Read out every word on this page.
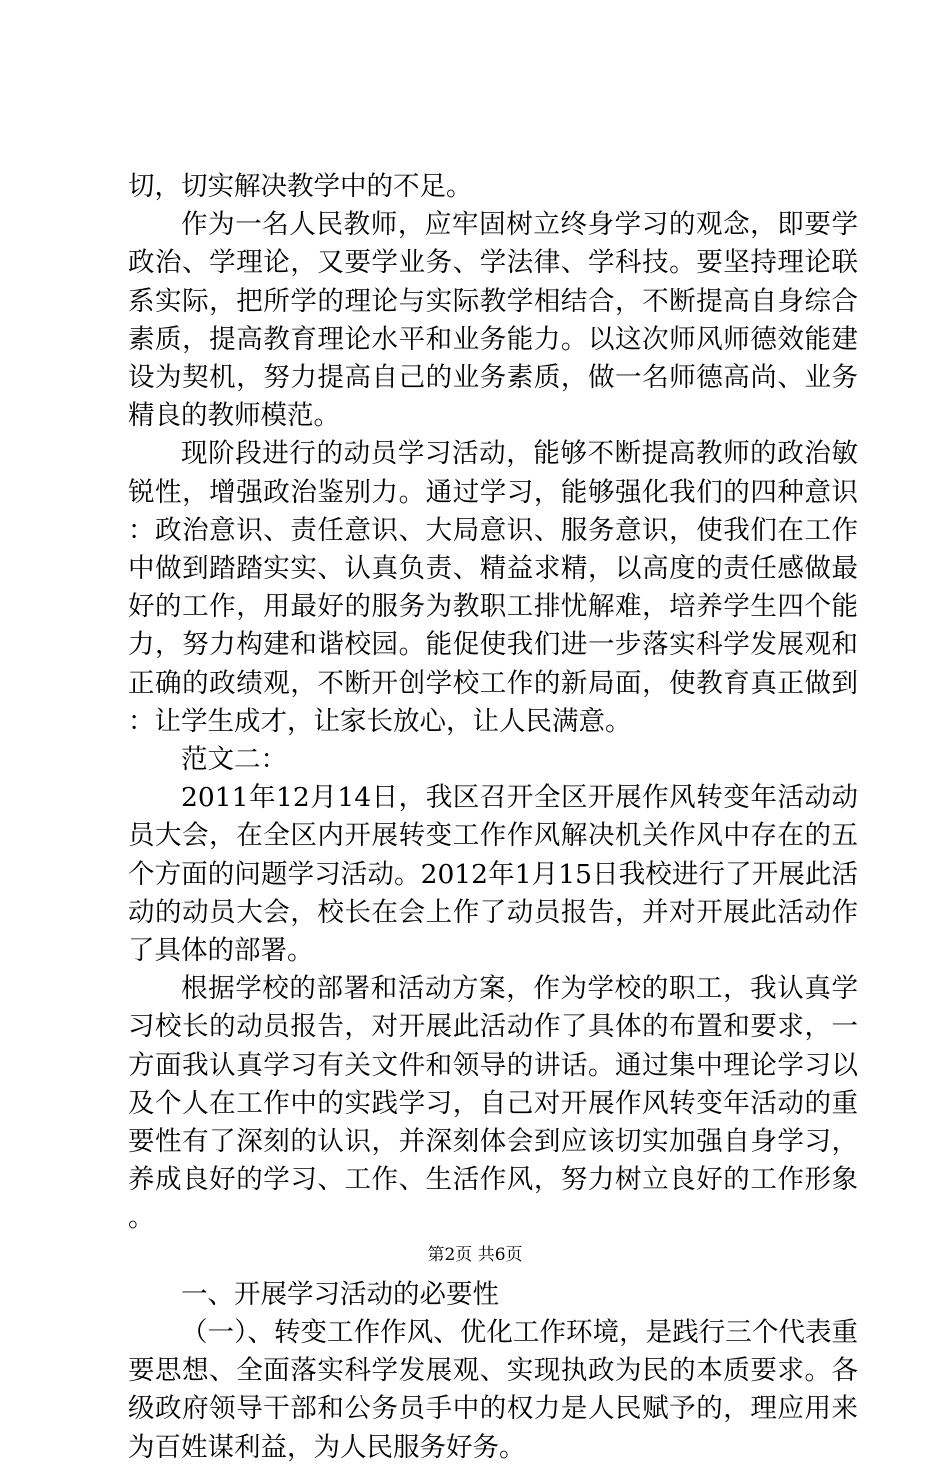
切，切实解决教学中的不足。

作为一名人民教师，应牢固树立终身学习的观念，即要学政治、学理论，又要学业务、学法律、学科技。要坚持理论联系实际，把所学的理论与实际教学相结合，不断提高自身综合素质，提高教育理论水平和业务能力。以这次师风师德效能建设为契机，努力提高自己的业务素质，做一名师德高尚、业务精良的教师模范。

现阶段进行的动员学习活动，能够不断提高教师的政治敏锐性，增强政治鉴别力。通过学习，能够强化我们的四种意识：政治意识、责任意识、大局意识、服务意识，使我们在工作中做到踏踏实实、认真负责、精益求精，以高度的责任感做最好的工作，用最好的服务为教职工排忧解难，培养学生四个能力，努力构建和谐校园。能促使我们进一步落实科学发展观和正确的政绩观，不断开创学校工作的新局面，使教育真正做到：让学生成才，让家长放心，让人民满意。

范文二：

2011年12月14日，我区召开全区开展作风转变年活动动员大会，在全区内开展转变工作作风解决机关作风中存在的五个方面的问题学习活动。2012年1月15日我校进行了开展此活动的动员大会，校长在会上作了动员报告，并对开展此活动作了具体的部署。

根据学校的部署和活动方案，作为学校的职工，我认真学习校长的动员报告，对开展此活动作了具体的布置和要求，一方面我认真学习有关文件和领导的讲话。通过集中理论学习以及个人在工作中的实践学习，自己对开展作风转变年活动的重要性有了深刻的认识，并深刻体会到应该切实加强自身学习，养成良好的学习、工作、生活作风，努力树立良好的工作形象。

一、开展学习活动的必要性

（一）、转变工作作风、优化工作环境，是践行三个代表重要思想、全面落实科学发展观、实现执政为民的本质要求。各级政府领导干部和公务员手中的权力是人民赋予的，理应用来为百姓谋利益，为人民服务好务。

第2页 共6页
